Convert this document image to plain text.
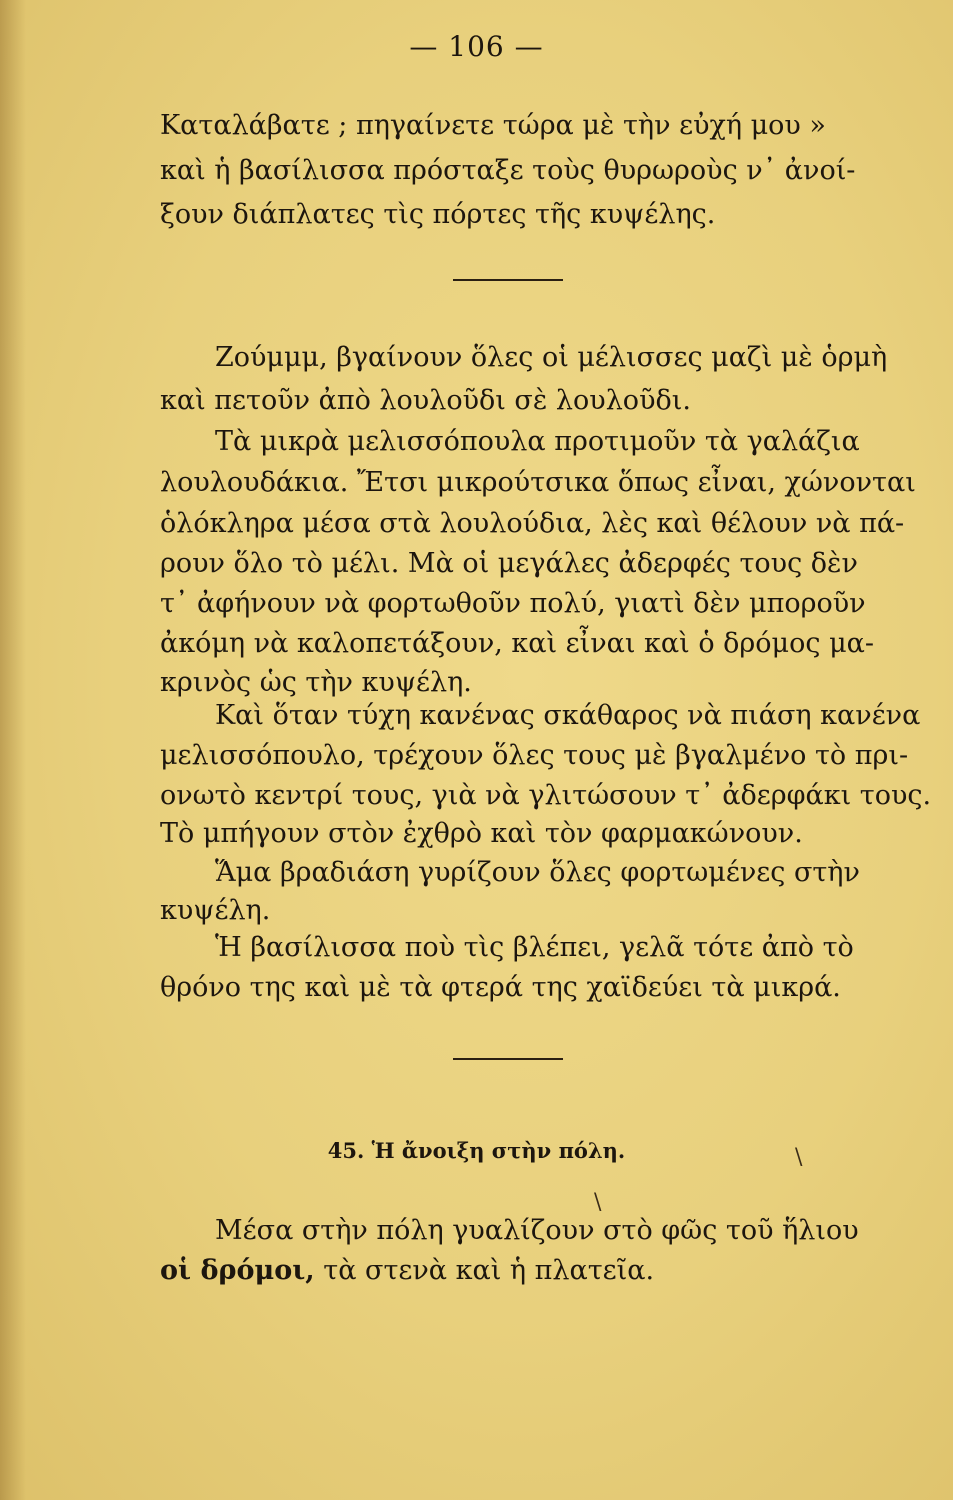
— 106 —
Καταλάβατε ; πηγαίνετε τώρα μὲ τὴν εὐχή μου »
καὶ ἡ βασίλισσα πρόσταξε τοὺς θυρωροὺς ν᾽ ἀνοί-
ξουν διάπλατες τὶς πόρτες τῆς κυψέλης.
Ζούμμμ, βγαίνουν ὅλες οἱ μέλισσες μαζὶ μὲ ὁρμὴ
καὶ πετοῦν ἀπὸ λουλοῦδι σὲ λουλοῦδι.
Τὰ μικρὰ μελισσόπουλα προτιμοῦν τὰ γαλάζια
λουλουδάκια. Ἔτσι μικρούτσικα ὅπως εἶναι, χώνονται
ὁλόκληρα μέσα στὰ λουλούδια, λὲς καὶ θέλουν νὰ πά-
ρουν ὅλο τὸ μέλι. Μὰ οἱ μεγάλες ἀδερφές τους δὲν
τ᾽ ἀφήνουν νὰ φορτωθοῦν πολύ, γιατὶ δὲν μποροῦν
ἀκόμη νὰ καλοπετάξουν, καὶ εἶναι καὶ ὁ δρόμος μα-
κρινὸς ὡς τὴν κυψέλη.
Καὶ ὅταν τύχη κανένας σκάθαρος νὰ πιάση κανένα
μελισσόπουλο, τρέχουν ὅλες τους μὲ βγαλμένο τὸ πρι-
ονωτὸ κεντρί τους, γιὰ νὰ γλιτώσουν τ᾽ ἀδερφάκι τους.
Τὸ μπήγουν στὸν ἐχθρὸ καὶ τὸν φαρμακώνουν.
Ἅμα βραδιάση γυρίζουν ὅλες φορτωμένες στὴν
κυψέλη.
Ἡ βασίλισσα ποὺ τὶς βλέπει, γελᾶ τότε ἀπὸ τὸ
θρόνο της καὶ μὲ τὰ φτερά της χαϊδεύει τὰ μικρά.
45. Ἡ ἄνοιξη στὴν πόλη.	\
\
Μέσα στὴν πόλη γυαλίζουν στὸ φῶς τοῦ ἥλιου
οἱ δρόμοι, τὰ στενὰ καὶ ἡ πλατεῖα.
